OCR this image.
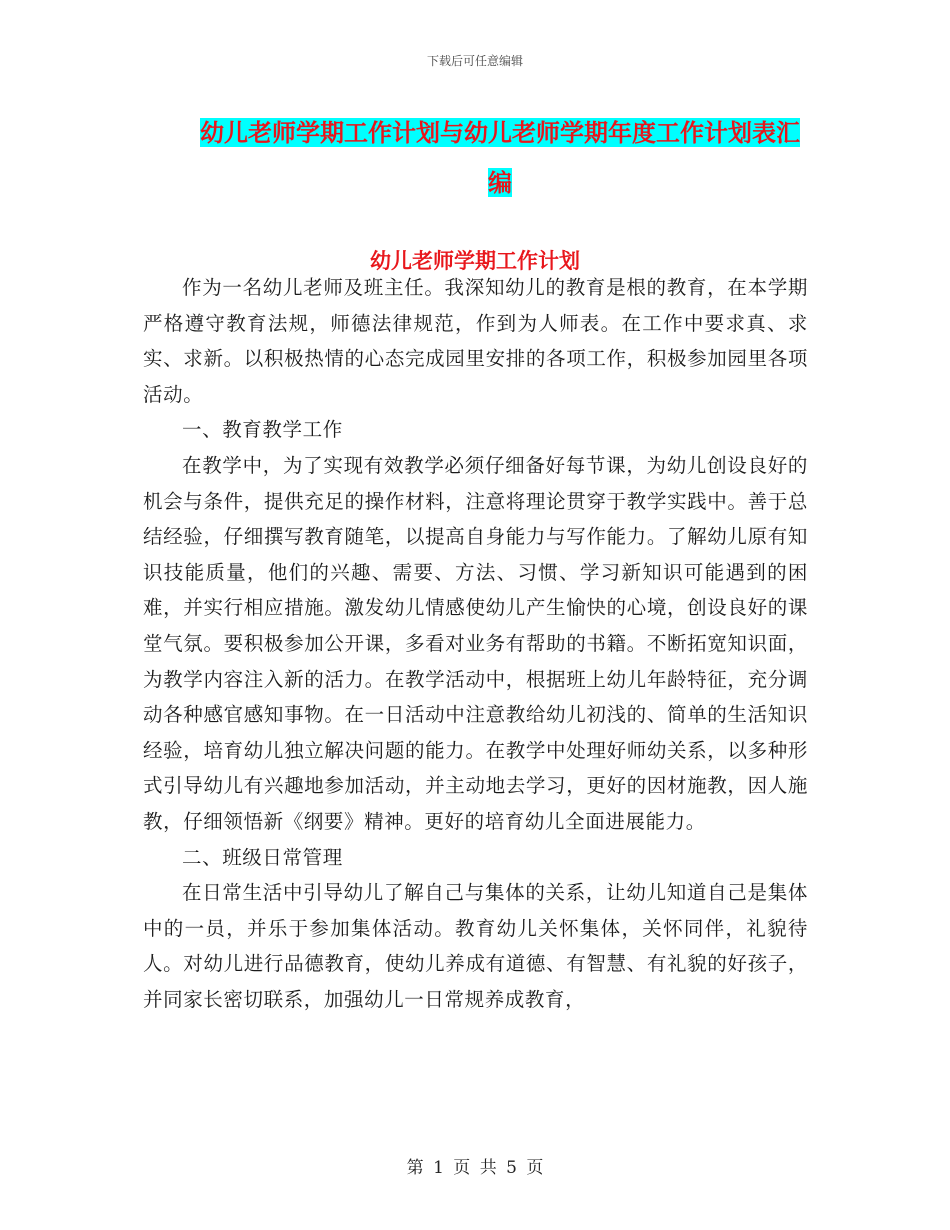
下载后可任意编辑
幼儿老师学期工作计划与幼儿老师学期年度工作计划表汇编
幼儿老师学期工作计划

作为一名幼儿老师及班主任。我深知幼儿的教育是根的教育，在本学期严格遵守教育法规，师德法律规范，作到为人师表。在工作中要求真、求实、求新。以积极热情的心态完成园里安排的各项工作，积极参加园里各项活动。

一、教育教学工作

在教学中，为了实现有效教学必须仔细备好每节课，为幼儿创设良好的机会与条件，提供充足的操作材料，注意将理论贯穿于教学实践中。善于总结经验，仔细撰写教育随笔，以提高自身能力与写作能力。了解幼儿原有知识技能质量，他们的兴趣、需要、方法、习惯、学习新知识可能遇到的困难，并实行相应措施。激发幼儿情感使幼儿产生愉快的心境，创设良好的课堂气氛。要积极参加公开课，多看对业务有帮助的书籍。不断拓宽知识面，为教学内容注入新的活力。在教学活动中，根据班上幼儿年龄特征，充分调动各种感官感知事物。在一日活动中注意教给幼儿初浅的、简单的生活知识经验，培育幼儿独立解决问题的能力。在教学中处理好师幼关系，以多种形式引导幼儿有兴趣地参加活动，并主动地去学习，更好的因材施教，因人施教，仔细领悟新《纲要》精神。更好的培育幼儿全面进展能力。

二、班级日常管理

在日常生活中引导幼儿了解自己与集体的关系，让幼儿知道自己是集体中的一员，并乐于参加集体活动。教育幼儿关怀集体，关怀同伴，礼貌待人。对幼儿进行品德教育，使幼儿养成有道德、有智慧、有礼貌的好孩子，并同家长密切联系，加强幼儿一日常规养成教育，

第 1 页 共 5 页
